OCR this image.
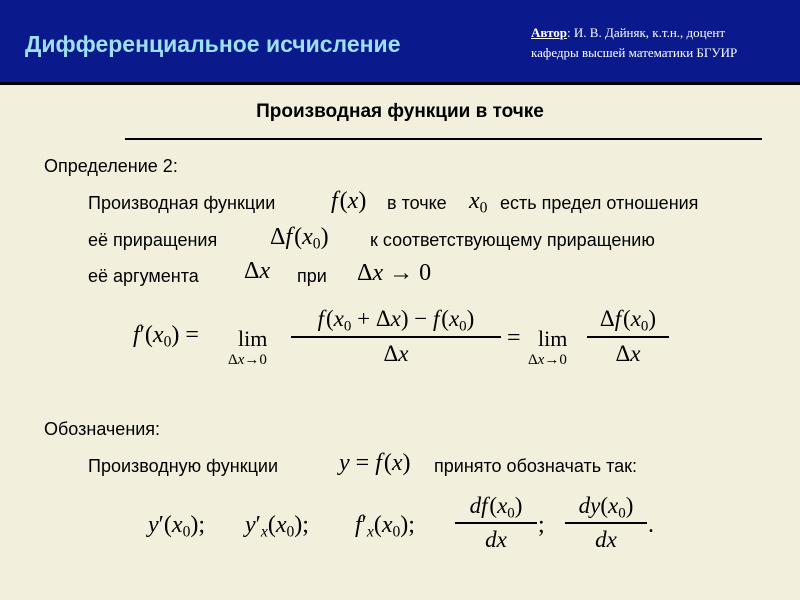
Дифференциальное исчисление	Автор: И. В. Дайняк, к.т.н., доцент
кафедры высшей математики БГУИР
Производная функции в точке
Определение 2:
Производная функции f (x) в точке $x_0$ есть предел отношения
её приращения Δf $(x_0)$ к соответствующему приращению
её аргумента Δx при Δx → 0
$f'(x_0) = \lim$
Δx→0
f $(x_0 + \Delta x) - f$ $(x_0)$
Δx
= lim
Δx→0
Δf $(x_0)$
Δx
Обозначения:
Производную функции	y = f (x) принято обозначать так:
$y'(x_0)$; $y'_x(x_0)$; $f'_x(x_0)$;
df $(x_0)$
dx
;
$dy(x_0)$
dx
.
